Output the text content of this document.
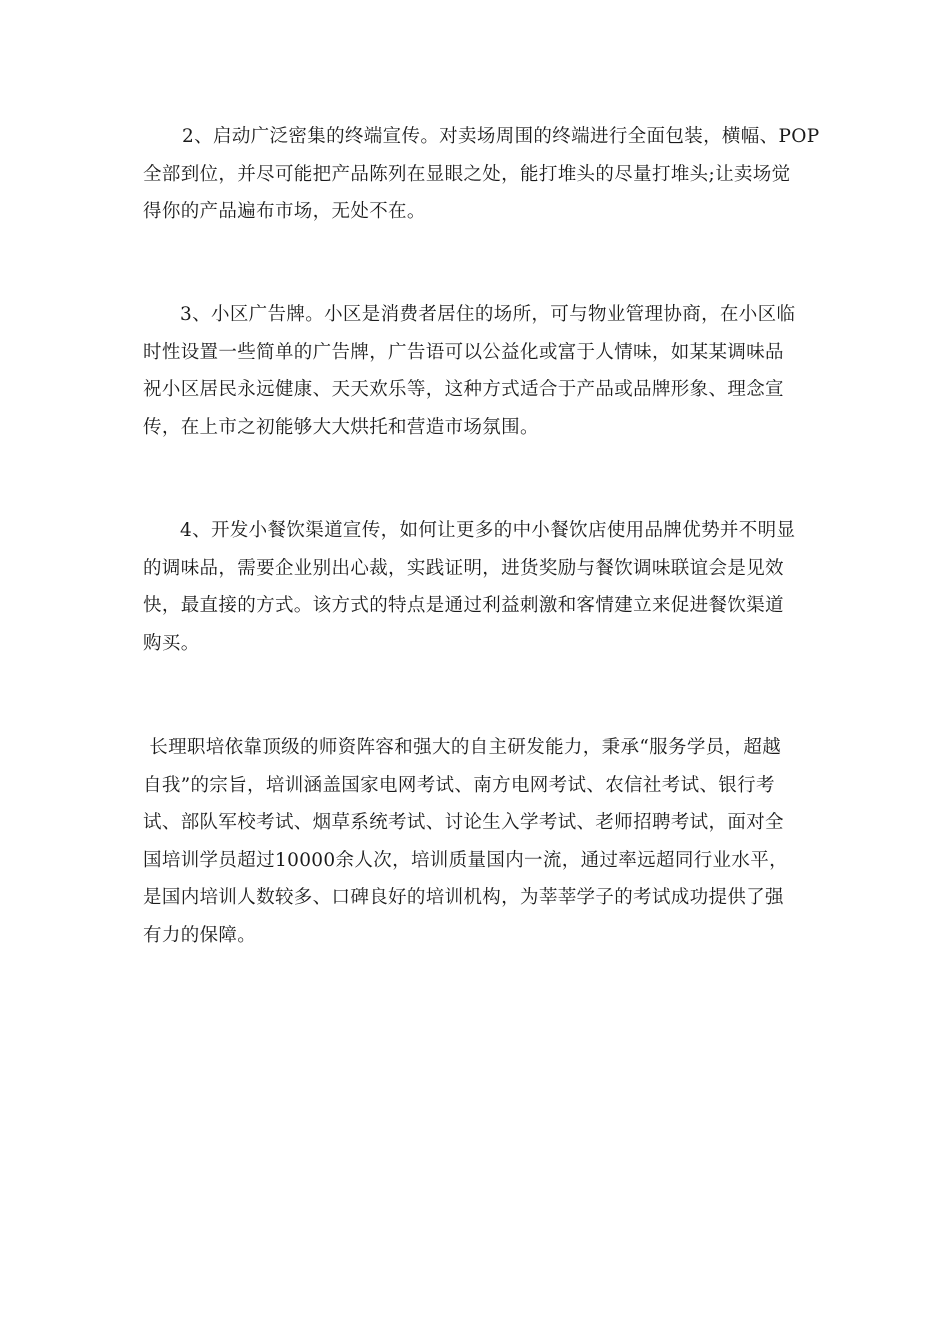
2、启动广泛密集的终端宣传。对卖场周围的终端进行全面包装，横幅、POP
全部到位，并尽可能把产品陈列在显眼之处，能打堆头的尽量打堆头;让卖场觉
得你的产品遍布市场，无处不在。

3、小区广告牌。小区是消费者居住的场所，可与物业管理协商，在小区临
时性设置一些简单的广告牌，广告语可以公益化或富于人情味，如某某调味品
祝小区居民永远健康、天天欢乐等，这种方式适合于产品或品牌形象、理念宣
传，在上市之初能够大大烘托和营造市场氛围。

4、开发小餐饮渠道宣传，如何让更多的中小餐饮店使用品牌优势并不明显
的调味品，需要企业别出心裁，实践证明，进货奖励与餐饮调味联谊会是见效
快，最直接的方式。该方式的特点是通过利益刺激和客情建立来促进餐饮渠道
购买。

长理职培依靠顶级的师资阵容和强大的自主研发能力，秉承“服务学员，超越
自我”的宗旨，培训涵盖国家电网考试、南方电网考试、农信社考试、银行考
试、部队军校考试、烟草系统考试、讨论生入学考试、老师招聘考试，面对全
国培训学员超过10000余人次，培训质量国内一流，通过率远超同行业水平，
是国内培训人数较多、口碑良好的培训机构，为莘莘学子的考试成功提供了强
有力的保障。
